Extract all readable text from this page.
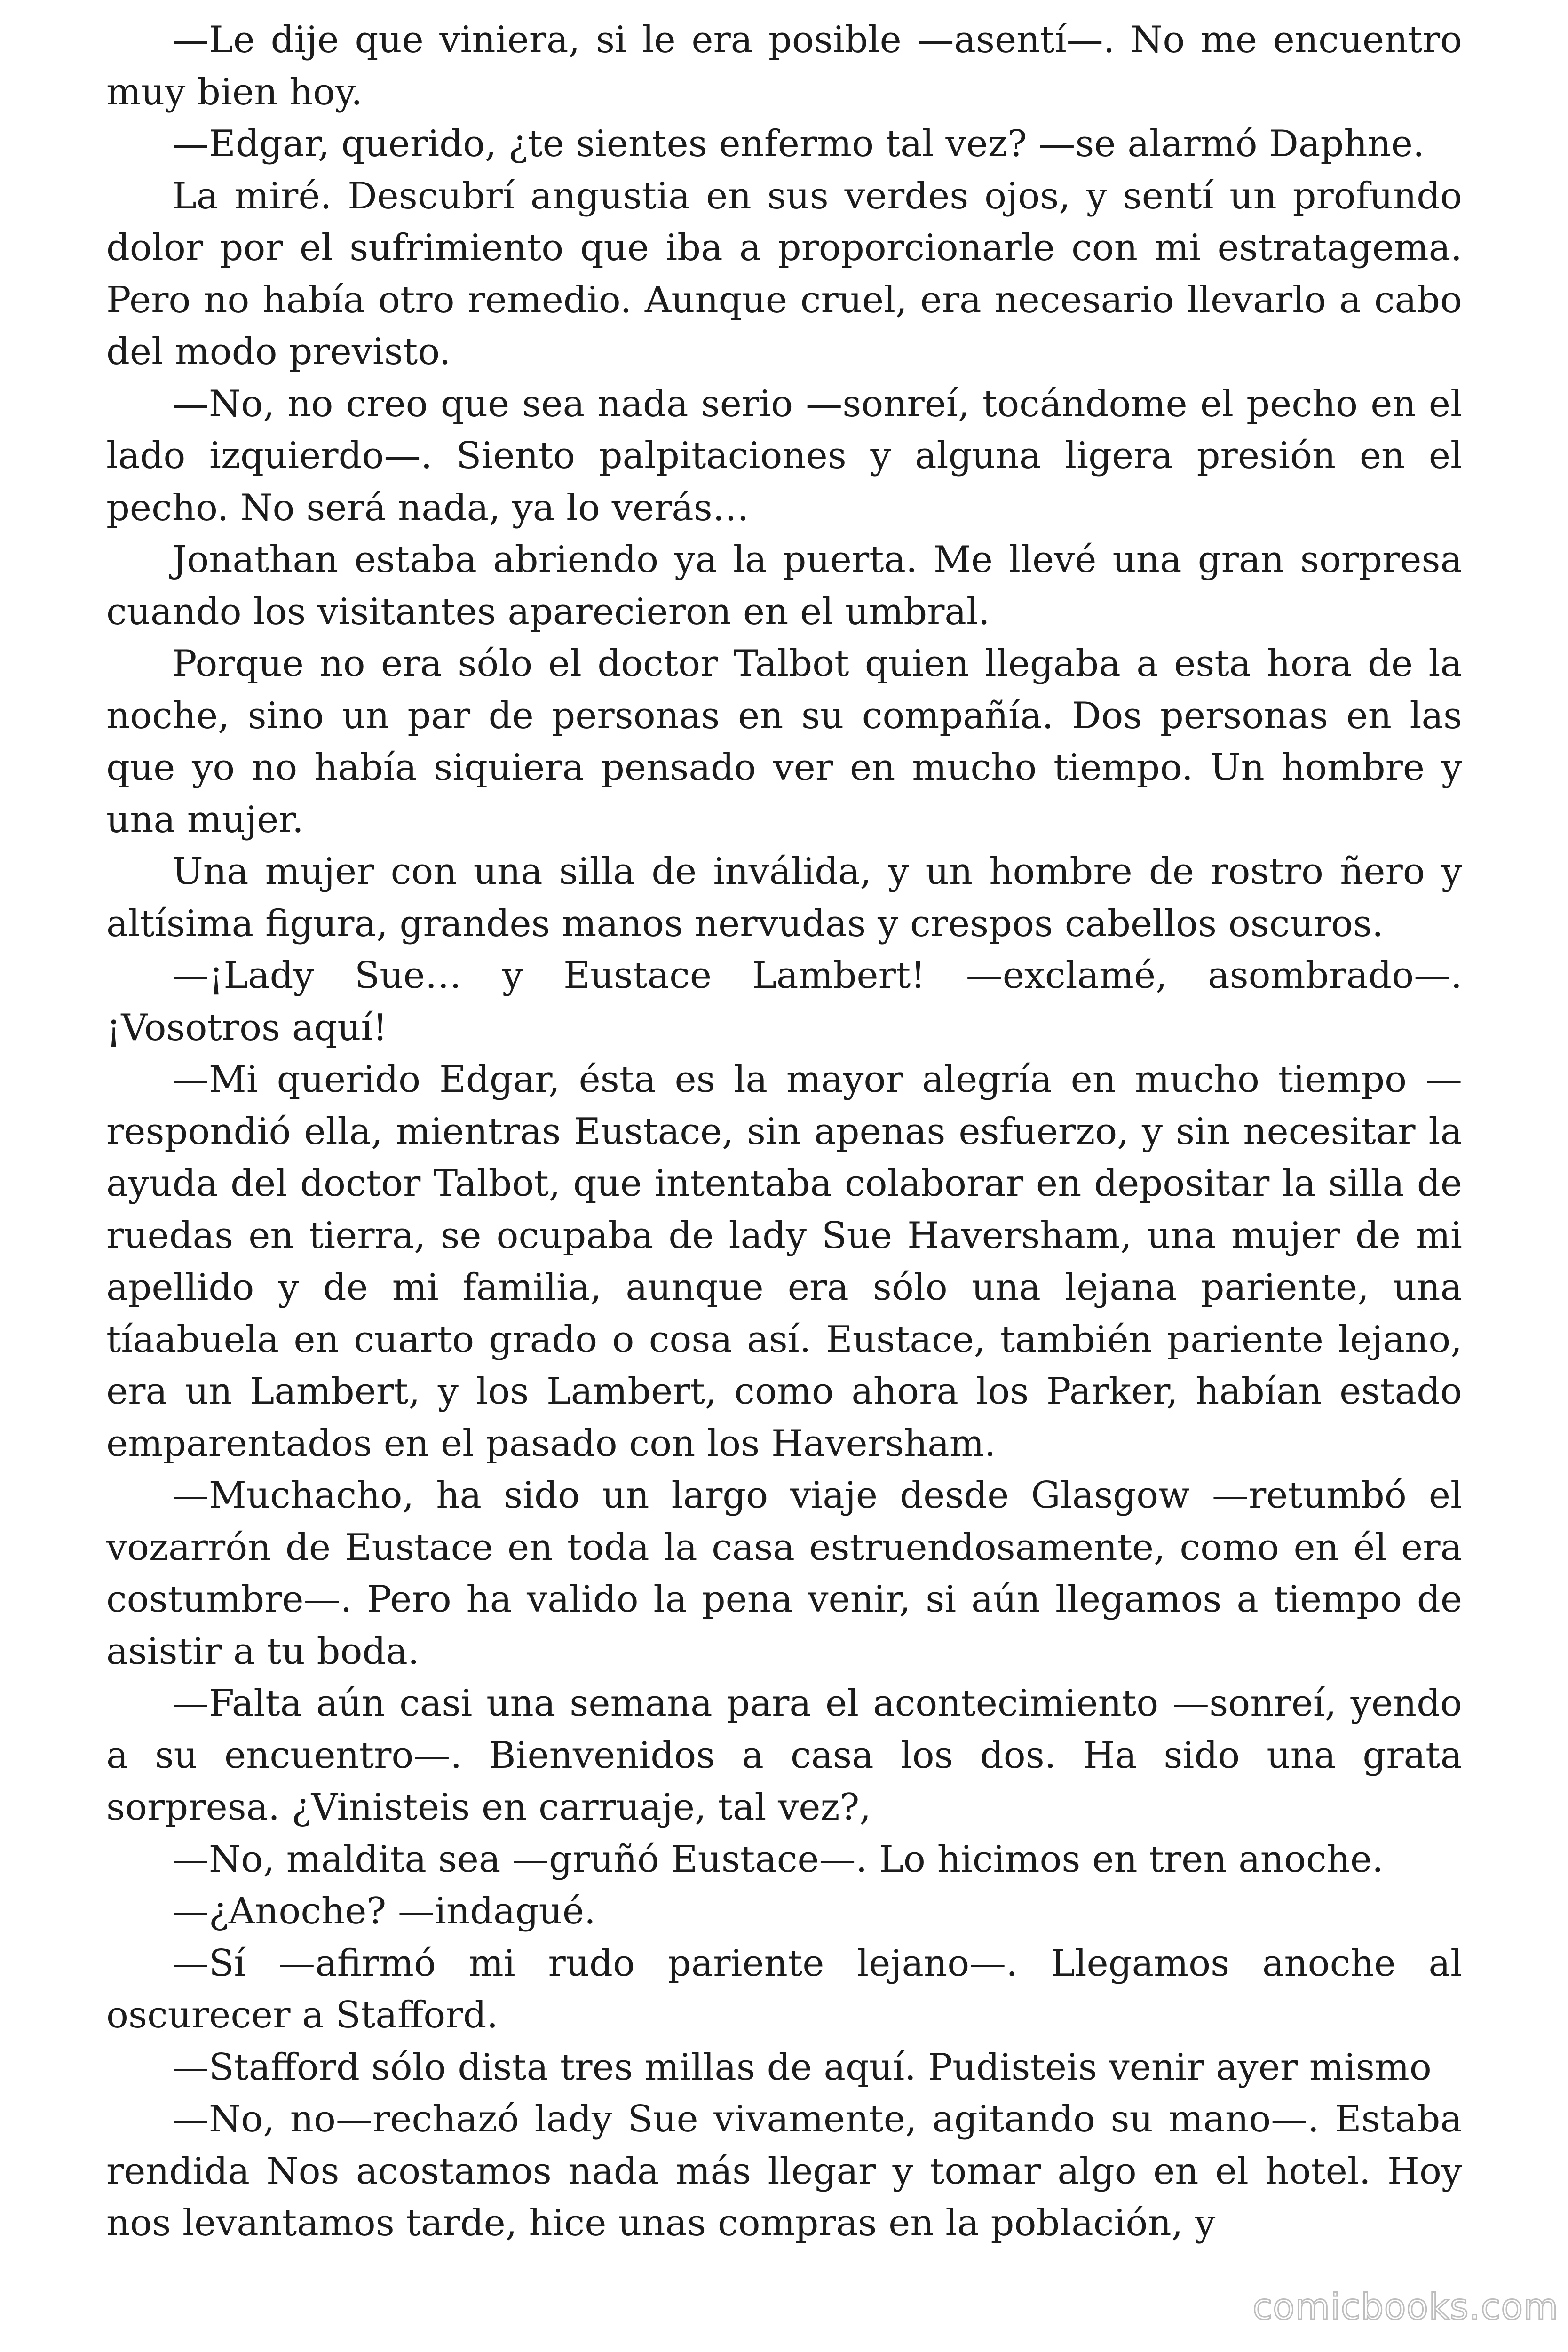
—Le dije que viniera, si le era posible —asentí—. No me encuentro muy bien hoy.

—Edgar, querido, ¿te sientes enfermo tal vez? —se alarmó Daphne.

La miré. Descubrí angustia en sus verdes ojos, y sentí un profundo dolor por el sufrimiento que iba a proporcionarle con mi estratagema. Pero no había otro remedio. Aunque cruel, era necesario llevarlo a cabo del modo previsto.

—No, no creo que sea nada serio —sonreí, tocándome el pecho en el lado izquierdo—. Siento palpitaciones y alguna ligera presión en el pecho. No será nada, ya lo verás…

Jonathan estaba abriendo ya la puerta. Me llevé una gran sorpresa cuando los visitantes aparecieron en el umbral.

Porque no era sólo el doctor Talbot quien llegaba a esta hora de la noche, sino un par de personas en su compañía. Dos personas en las que yo no había siquiera pensado ver en mucho tiempo. Un hombre y una mujer.

Una mujer con una silla de inválida, y un hombre de rostro ñero y altísima figura, grandes manos nervudas y crespos cabellos oscuros.

—¡Lady Sue… y Eustace Lambert! —exclamé, asombrado—. ¡Vosotros aquí!

—Mi querido Edgar, ésta es la mayor alegría en mucho tiempo — respondió ella, mientras Eustace, sin apenas esfuerzo, y sin necesitar la ayuda del doctor Talbot, que intentaba colaborar en depositar la silla de ruedas en tierra, se ocupaba de lady Sue Haversham, una mujer de mi apellido y de mi familia, aunque era sólo una lejana pariente, una tíaabuela en cuarto grado o cosa así. Eustace, también pariente lejano, era un Lambert, y los Lambert, como ahora los Parker, habían estado emparentados en el pasado con los Haversham.

—Muchacho, ha sido un largo viaje desde Glasgow —retumbó el vozarrón de Eustace en toda la casa estruendosamente, como en él era costumbre—. Pero ha valido la pena venir, si aún llegamos a tiempo de asistir a tu boda.

—Falta aún casi una semana para el acontecimiento —sonreí, yendo a su encuentro—. Bienvenidos a casa los dos. Ha sido una grata sorpresa. ¿Vinisteis en carruaje, tal vez?,

—No, maldita sea —gruñó Eustace—. Lo hicimos en tren anoche.

—¿Anoche? —indagué.

—Sí —afirmó mi rudo pariente lejano—. Llegamos anoche al oscurecer a Stafford.

—Stafford sólo dista tres millas de aquí. Pudisteis venir ayer mismo

—No, no—rechazó lady Sue vivamente, agitando su mano—. Estaba rendida Nos acostamos nada más llegar y tomar algo en el hotel. Hoy nos levantamos tarde, hice unas compras en la población, y

comicbooks.com
